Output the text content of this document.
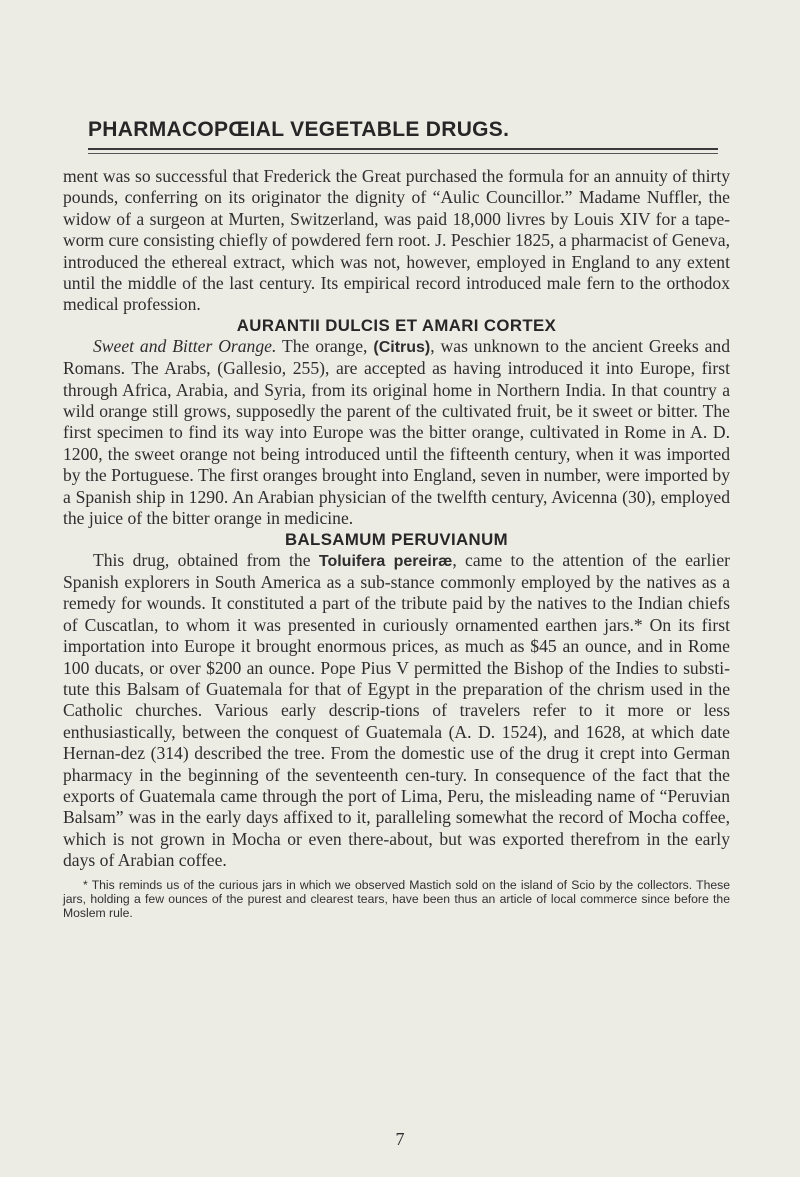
PHARMACOPŒIAL VEGETABLE DRUGS.

ment was so successful that Frederick the Great purchased the formula for an annuity of thirty pounds, conferring on its originator the dignity of “Aulic Councillor.” Madame Nuffler, the widow of a surgeon at Murten, Switzerland, was paid 18,000 livres by Louis XIV for a tape-worm cure consisting chiefly of powdered fern root. J. Peschier 1825, a pharmacist of Geneva, introduced the ethereal extract, which was not, however, employed in England to any extent until the middle of the last century. Its empirical record introduced male fern to the orthodox medical profession.

AURANTII DULCIS ET AMARI CORTEX

Sweet and Bitter Orange. The orange, (Citrus), was unknown to the ancient Greeks and Romans. The Arabs, (Gallesio, 255), are accepted as having introduced it into Europe, first through Africa, Arabia, and Syria, from its original home in Northern India. In that country a wild orange still grows, supposedly the parent of the cultivated fruit, be it sweet or bitter. The first specimen to find its way into Europe was the bitter orange, cultivated in Rome in A. D. 1200, the sweet orange not being introduced until the fifteenth century, when it was imported by the Portuguese. The first oranges brought into England, seven in number, were imported by a Spanish ship in 1290. An Arabian physician of the twelfth century, Avicenna (30), employed the juice of the bitter orange in medicine.

BALSAMUM PERUVIANUM

This drug, obtained from the Toluifera pereiræ, came to the attention of the earlier Spanish explorers in South America as a sub-stance commonly employed by the natives as a remedy for wounds. It constituted a part of the tribute paid by the natives to the Indian chiefs of Cuscatlan, to whom it was presented in curiously ornamented earthen jars.* On its first importation into Europe it brought enormous prices, as much as $45 an ounce, and in Rome 100 ducats, or over $200 an ounce. Pope Pius V permitted the Bishop of the Indies to substi-tute this Balsam of Guatemala for that of Egypt in the preparation of the chrism used in the Catholic churches. Various early descrip-tions of travelers refer to it more or less enthusiastically, between the conquest of Guatemala (A. D. 1524), and 1628, at which date Hernan-dez (314) described the tree. From the domestic use of the drug it crept into German pharmacy in the beginning of the seventeenth cen-tury. In consequence of the fact that the exports of Guatemala came through the port of Lima, Peru, the misleading name of “Peruvian Balsam” was in the early days affixed to it, paralleling somewhat the record of Mocha coffee, which is not grown in Mocha or even there-about, but was exported therefrom in the early days of Arabian coffee.

* This reminds us of the curious jars in which we observed Mastich sold on the island of Scio by the collectors. These jars, holding a few ounces of the purest and clearest tears, have been thus an article of local commerce since before the Moslem rule.

7
